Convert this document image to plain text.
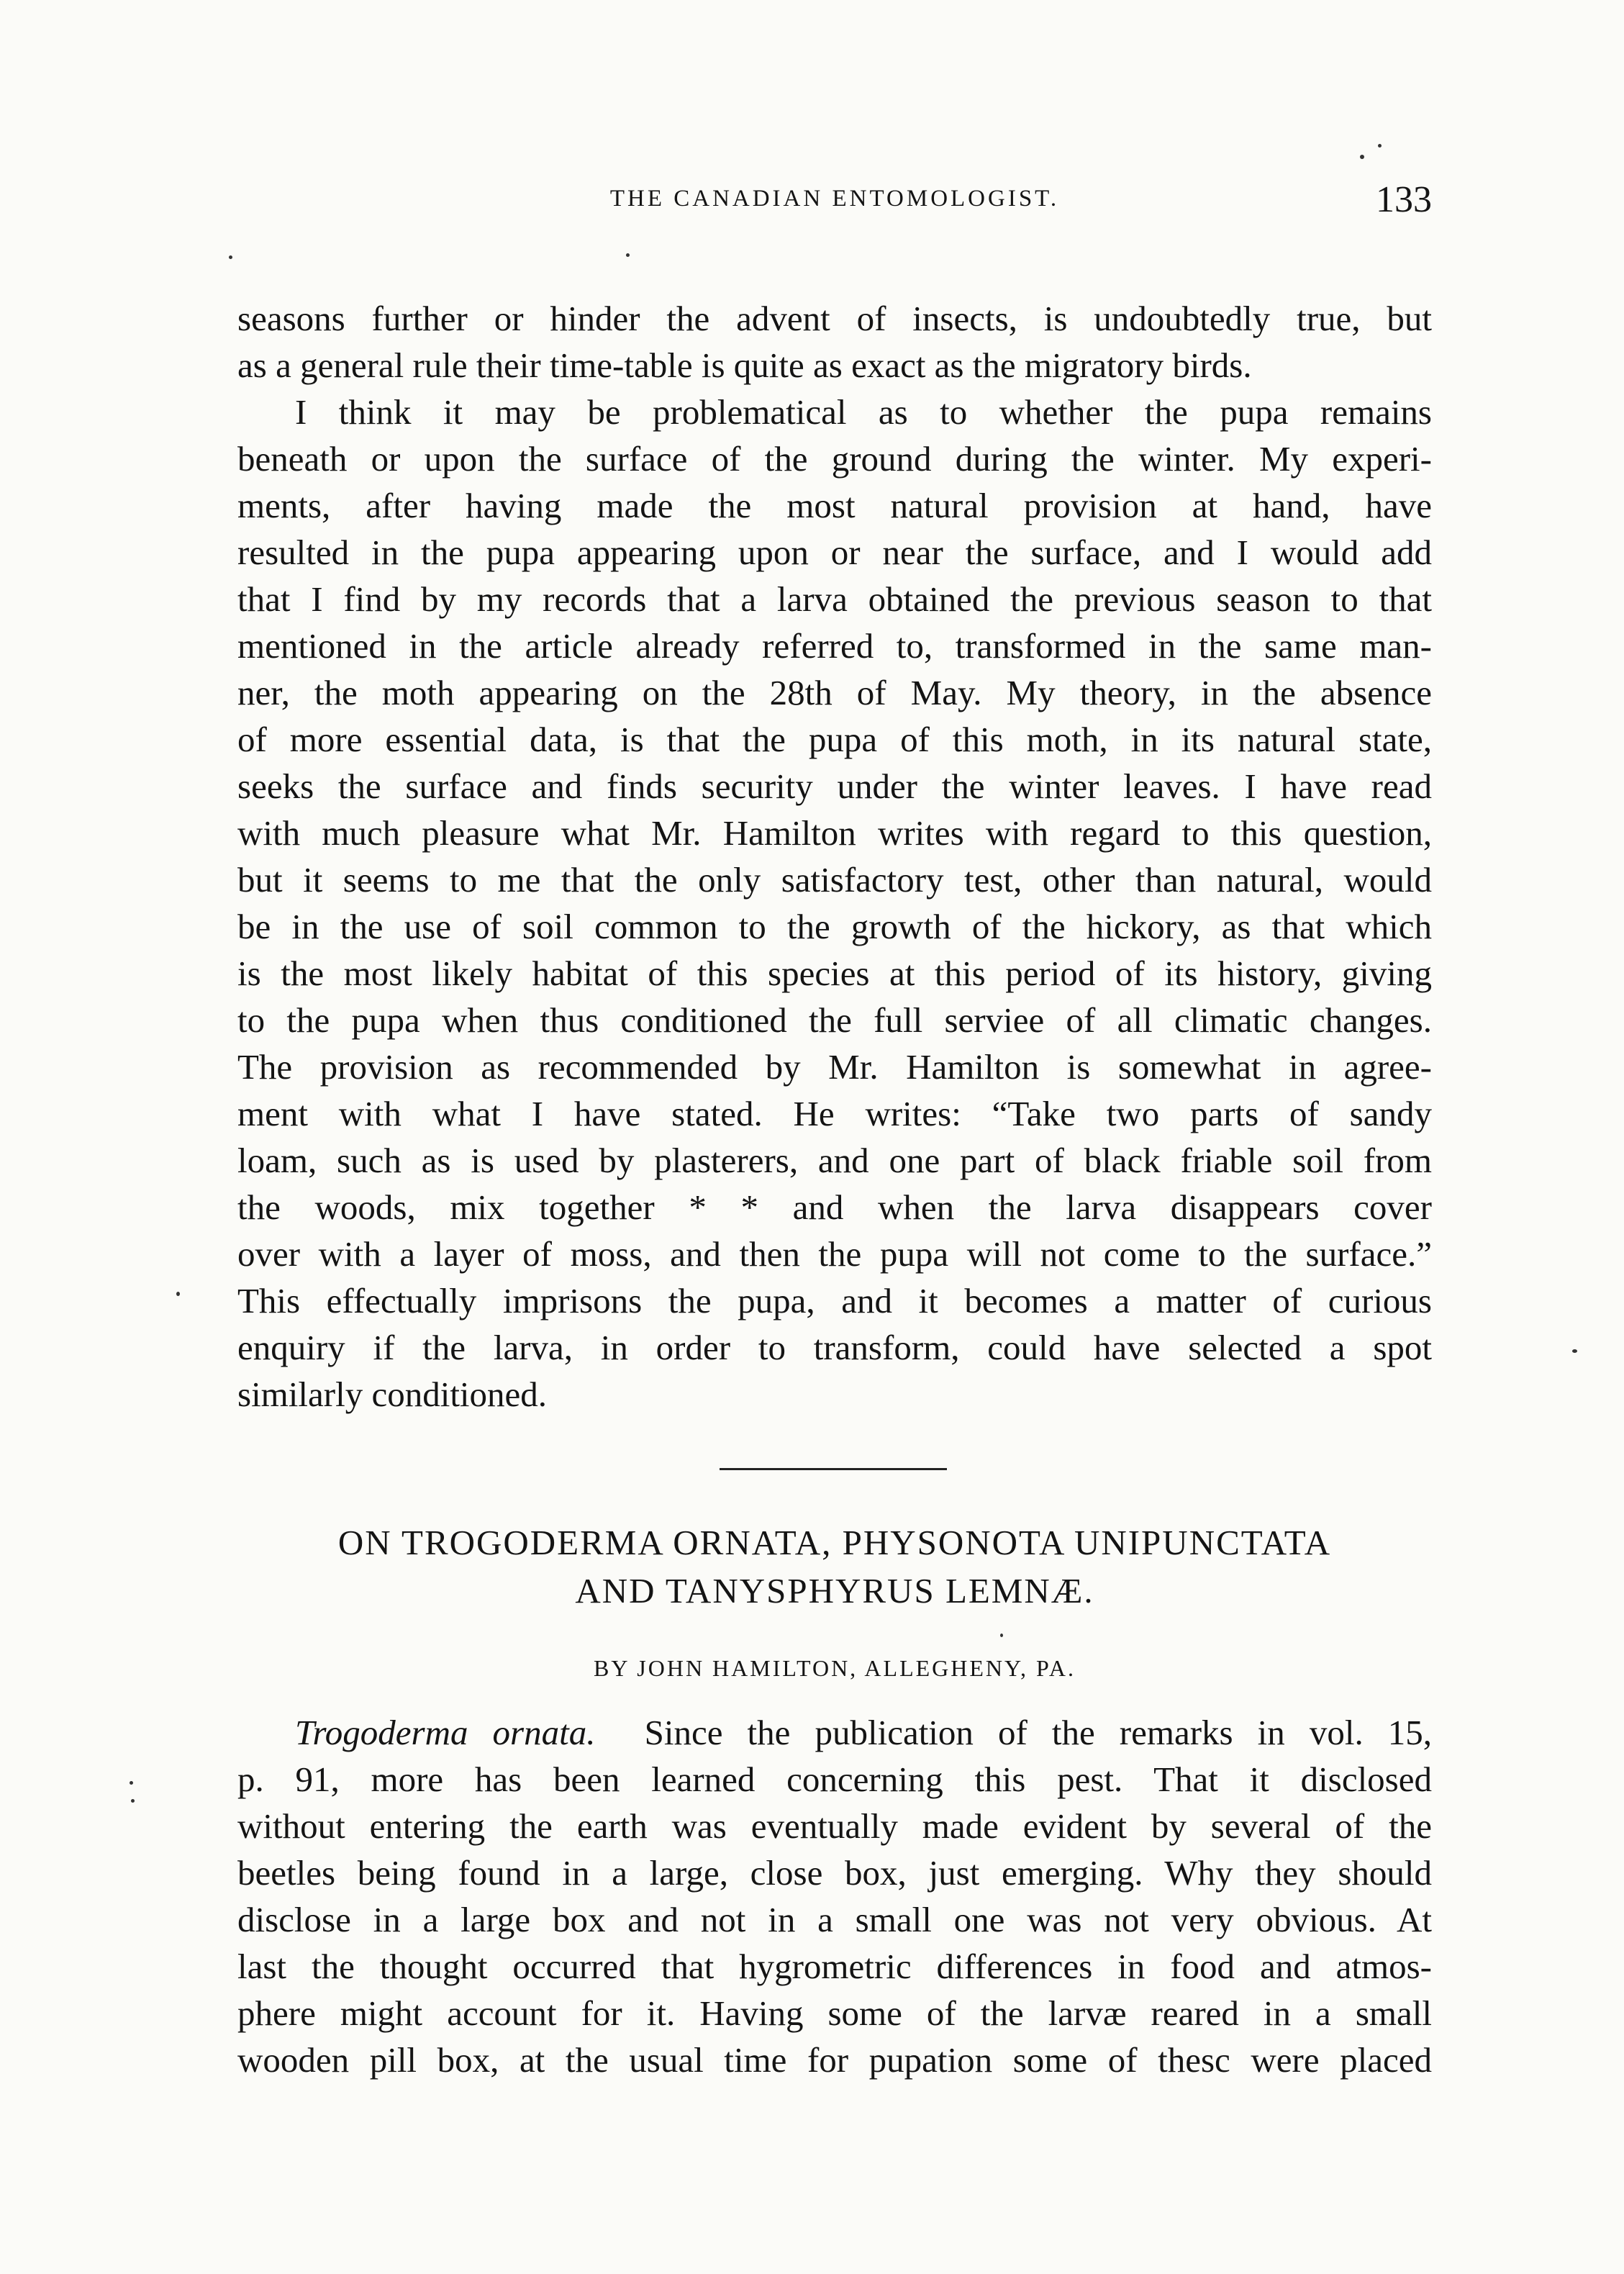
THE CANADIAN ENTOMOLOGIST.	133
seasons further or hinder the advent of insects, is undoubtedly true, but
as a general rule their time-table is quite as exact as the migratory birds.
I think it may be problematical as to whether the pupa remains
beneath or upon the surface of the ground during the winter. My experi-
ments, after having made the most natural provision at hand, have
resulted in the pupa appearing upon or near the surface, and I would add
that I find by my records that a larva obtained the previous season to that
mentioned in the article already referred to, transformed in the same man-
ner, the moth appearing on the 28th of May. My theory, in the absence
of more essential data, is that the pupa of this moth, in its natural state,
seeks the surface and finds security under the winter leaves. I have read
with much pleasure what Mr. Hamilton writes with regard to this question,
but it seems to me that the only satisfactory test, other than natural, would
be in the use of soil common to the growth of the hickory, as that which
is the most likely habitat of this species at this period of its history, giving
to the pupa when thus conditioned the full serviee of all climatic changes.
The provision as recommended by Mr. Hamilton is somewhat in agree-
ment with what I have stated. He writes: “Take two parts of sandy
loam, such as is used by plasterers, and one part of black friable soil from
the woods, mix together * * and when the larva disappears cover
over with a layer of moss, and then the pupa will not come to the surface.”
This effectually imprisons the pupa, and it becomes a matter of curious
enquiry if the larva, in order to transform, could have selected a spot
similarly conditioned.
ON TROGODERMA ORNATA, PHYSONOTA UNIPUNCTATA
AND TANYSPHYRUS LEMNÆ.
BY JOHN HAMILTON, ALLEGHENY, PA.
Trogoderma ornata. Since the publication of the remarks in vol. 15,
p. 91, more has been learned concerning this pest. That it disclosed
without entering the earth was eventually made evident by several of the
beetles being found in a large, close box, just emerging. Why they should
disclose in a large box and not in a small one was not very obvious. At
last the thought occurred that hygrometric differences in food and atmos-
phere might account for it. Having some of the larvæ reared in a small
wooden pill box, at the usual time for pupation some of thesc were placed
